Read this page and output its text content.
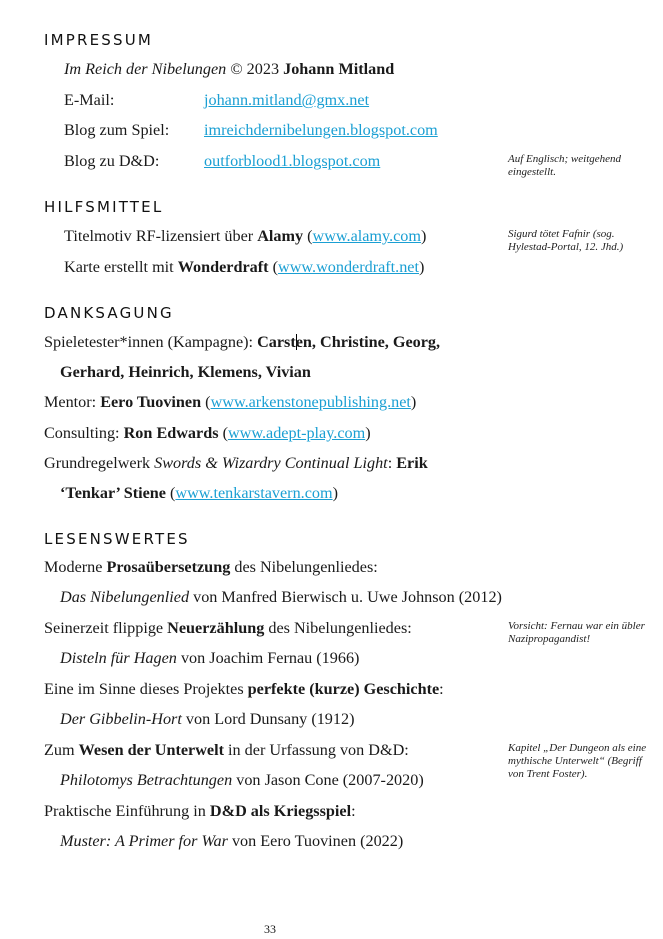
impressum
Im Reich der Nibelungen © 2023 Johann Mitland
E-Mail:	johann.mitland@gmx.net
Blog zum Spiel: imreichdernibelungen.blogspot.com
Blog zu D&D:	outforblood1.blogspot.com	Auf Englisch; weitgehend eingestellt.
hilfsmittel
Titelmotiv RF-lizensiert über Alamy (www.alamy.com)	Sigurd tötet Fafnir (sog. Hylestad-Portal, 12. Jhd.)
Karte erstellt mit Wonderdraft (www.wonderdraft.net)
danksagung
Spieletester*innen (Kampagne): Carsten, Christine, Georg,
Gerhard, Heinrich, Klemens, Vivian
Mentor: Eero Tuovinen (www.arkenstonepublishing.net)
Consulting: Ron Edwards (www.adept-play.com)
Grundregelwerk Swords & Wizardry Continual Light: Erik
‘Tenkar’ Stiene (www.tenkarstavern.com)
lesenswertes
Moderne Prosaübersetzung des Nibelungenliedes:
Das Nibelungenlied von Manfred Bierwisch u. Uwe Johnson (2012)
Seinerzeit flippige Neuerzählung des Nibelungenliedes:	Vorsicht: Fernau war ein übler Nazipropagandist!
Disteln für Hagen von Joachim Fernau (1966)
Eine im Sinne dieses Projektes perfekte (kurze) Geschichte:
Der Gibbelin-Hort von Lord Dunsany (1912)
Zum Wesen der Unterwelt in der Urfassung von D&D:	Kapitel „Der Dungeon als eine mythische Unterwelt“ (Begriff von Trent Foster).
Philotomys Betrachtungen von Jason Cone (2007-2020)
Praktische Einführung in D&D als Kriegsspiel:
Muster: A Primer for War von Eero Tuovinen (2022)
33
